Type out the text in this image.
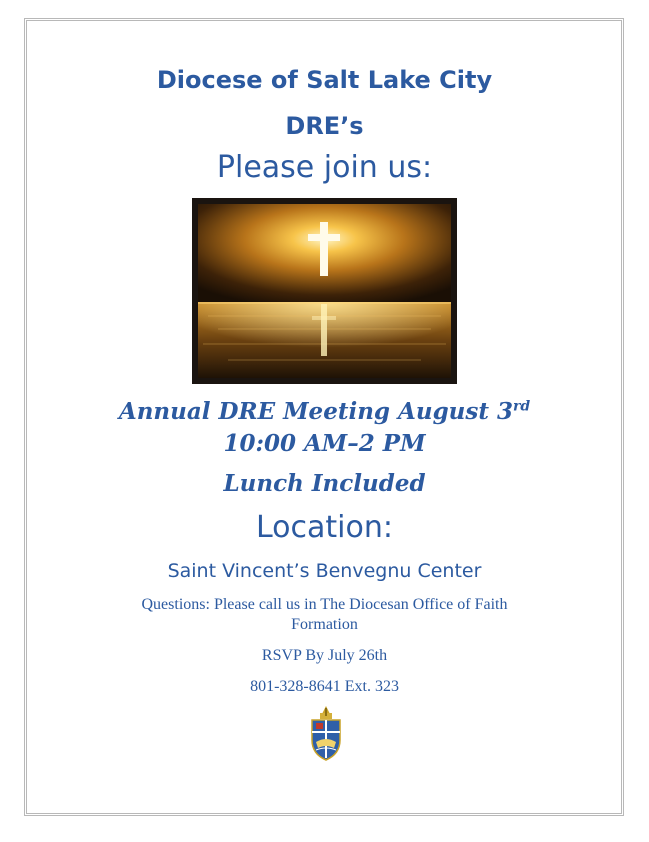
Diocese of Salt Lake City
DRE’s
Please join us:
Annual DRE Meeting August 3rd
10:00 AM–2 PM
Lunch Included
Location:
Saint Vincent’s Benvegnu Center
Questions: Please call us in The Diocesan Office of Faith Formation
RSVP By July 26th
801-328-8641 Ext. 323
